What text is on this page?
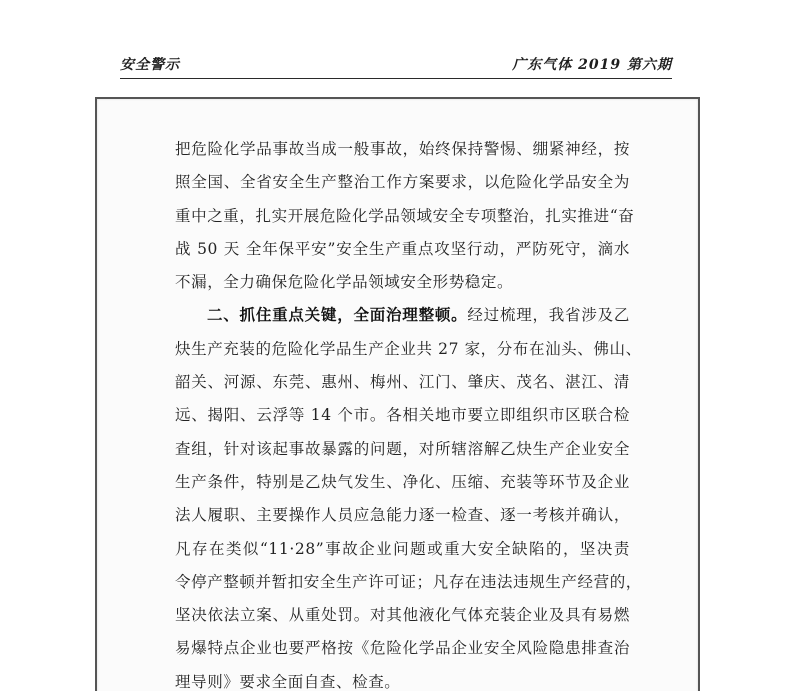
安全警示	广东气体 2019 第六期
把危险化学品事故当成一般事故，始终保持警惕、绷紧神经，按
照全国、全省安全生产整治工作方案要求，以危险化学品安全为
重中之重，扎实开展危险化学品领域安全专项整治，扎实推进“奋
战 50 天 全年保平安”安全生产重点攻坚行动，严防死守，滴水
不漏，全力确保危险化学品领域安全形势稳定。
二、抓住重点关键，全面治理整顿。经过梳理，我省涉及乙
炔生产充装的危险化学品生产企业共 27 家，分布在汕头、佛山、
韶关、河源、东莞、惠州、梅州、江门、肇庆、茂名、湛江、清
远、揭阳、云浮等 14 个市。各相关地市要立即组织市区联合检
查组，针对该起事故暴露的问题，对所辖溶解乙炔生产企业安全
生产条件，特别是乙炔气发生、净化、压缩、充装等环节及企业
法人履职、主要操作人员应急能力逐一检查、逐一考核并确认，
凡存在类似“11·28”事故企业问题或重大安全缺陷的，坚决责
令停产整顿并暂扣安全生产许可证；凡存在违法违规生产经营的，
坚决依法立案、从重处罚。对其他液化气体充装企业及具有易燃
易爆特点企业也要严格按《危险化学品企业安全风险隐患排查治
理导则》要求全面自查、检查。
